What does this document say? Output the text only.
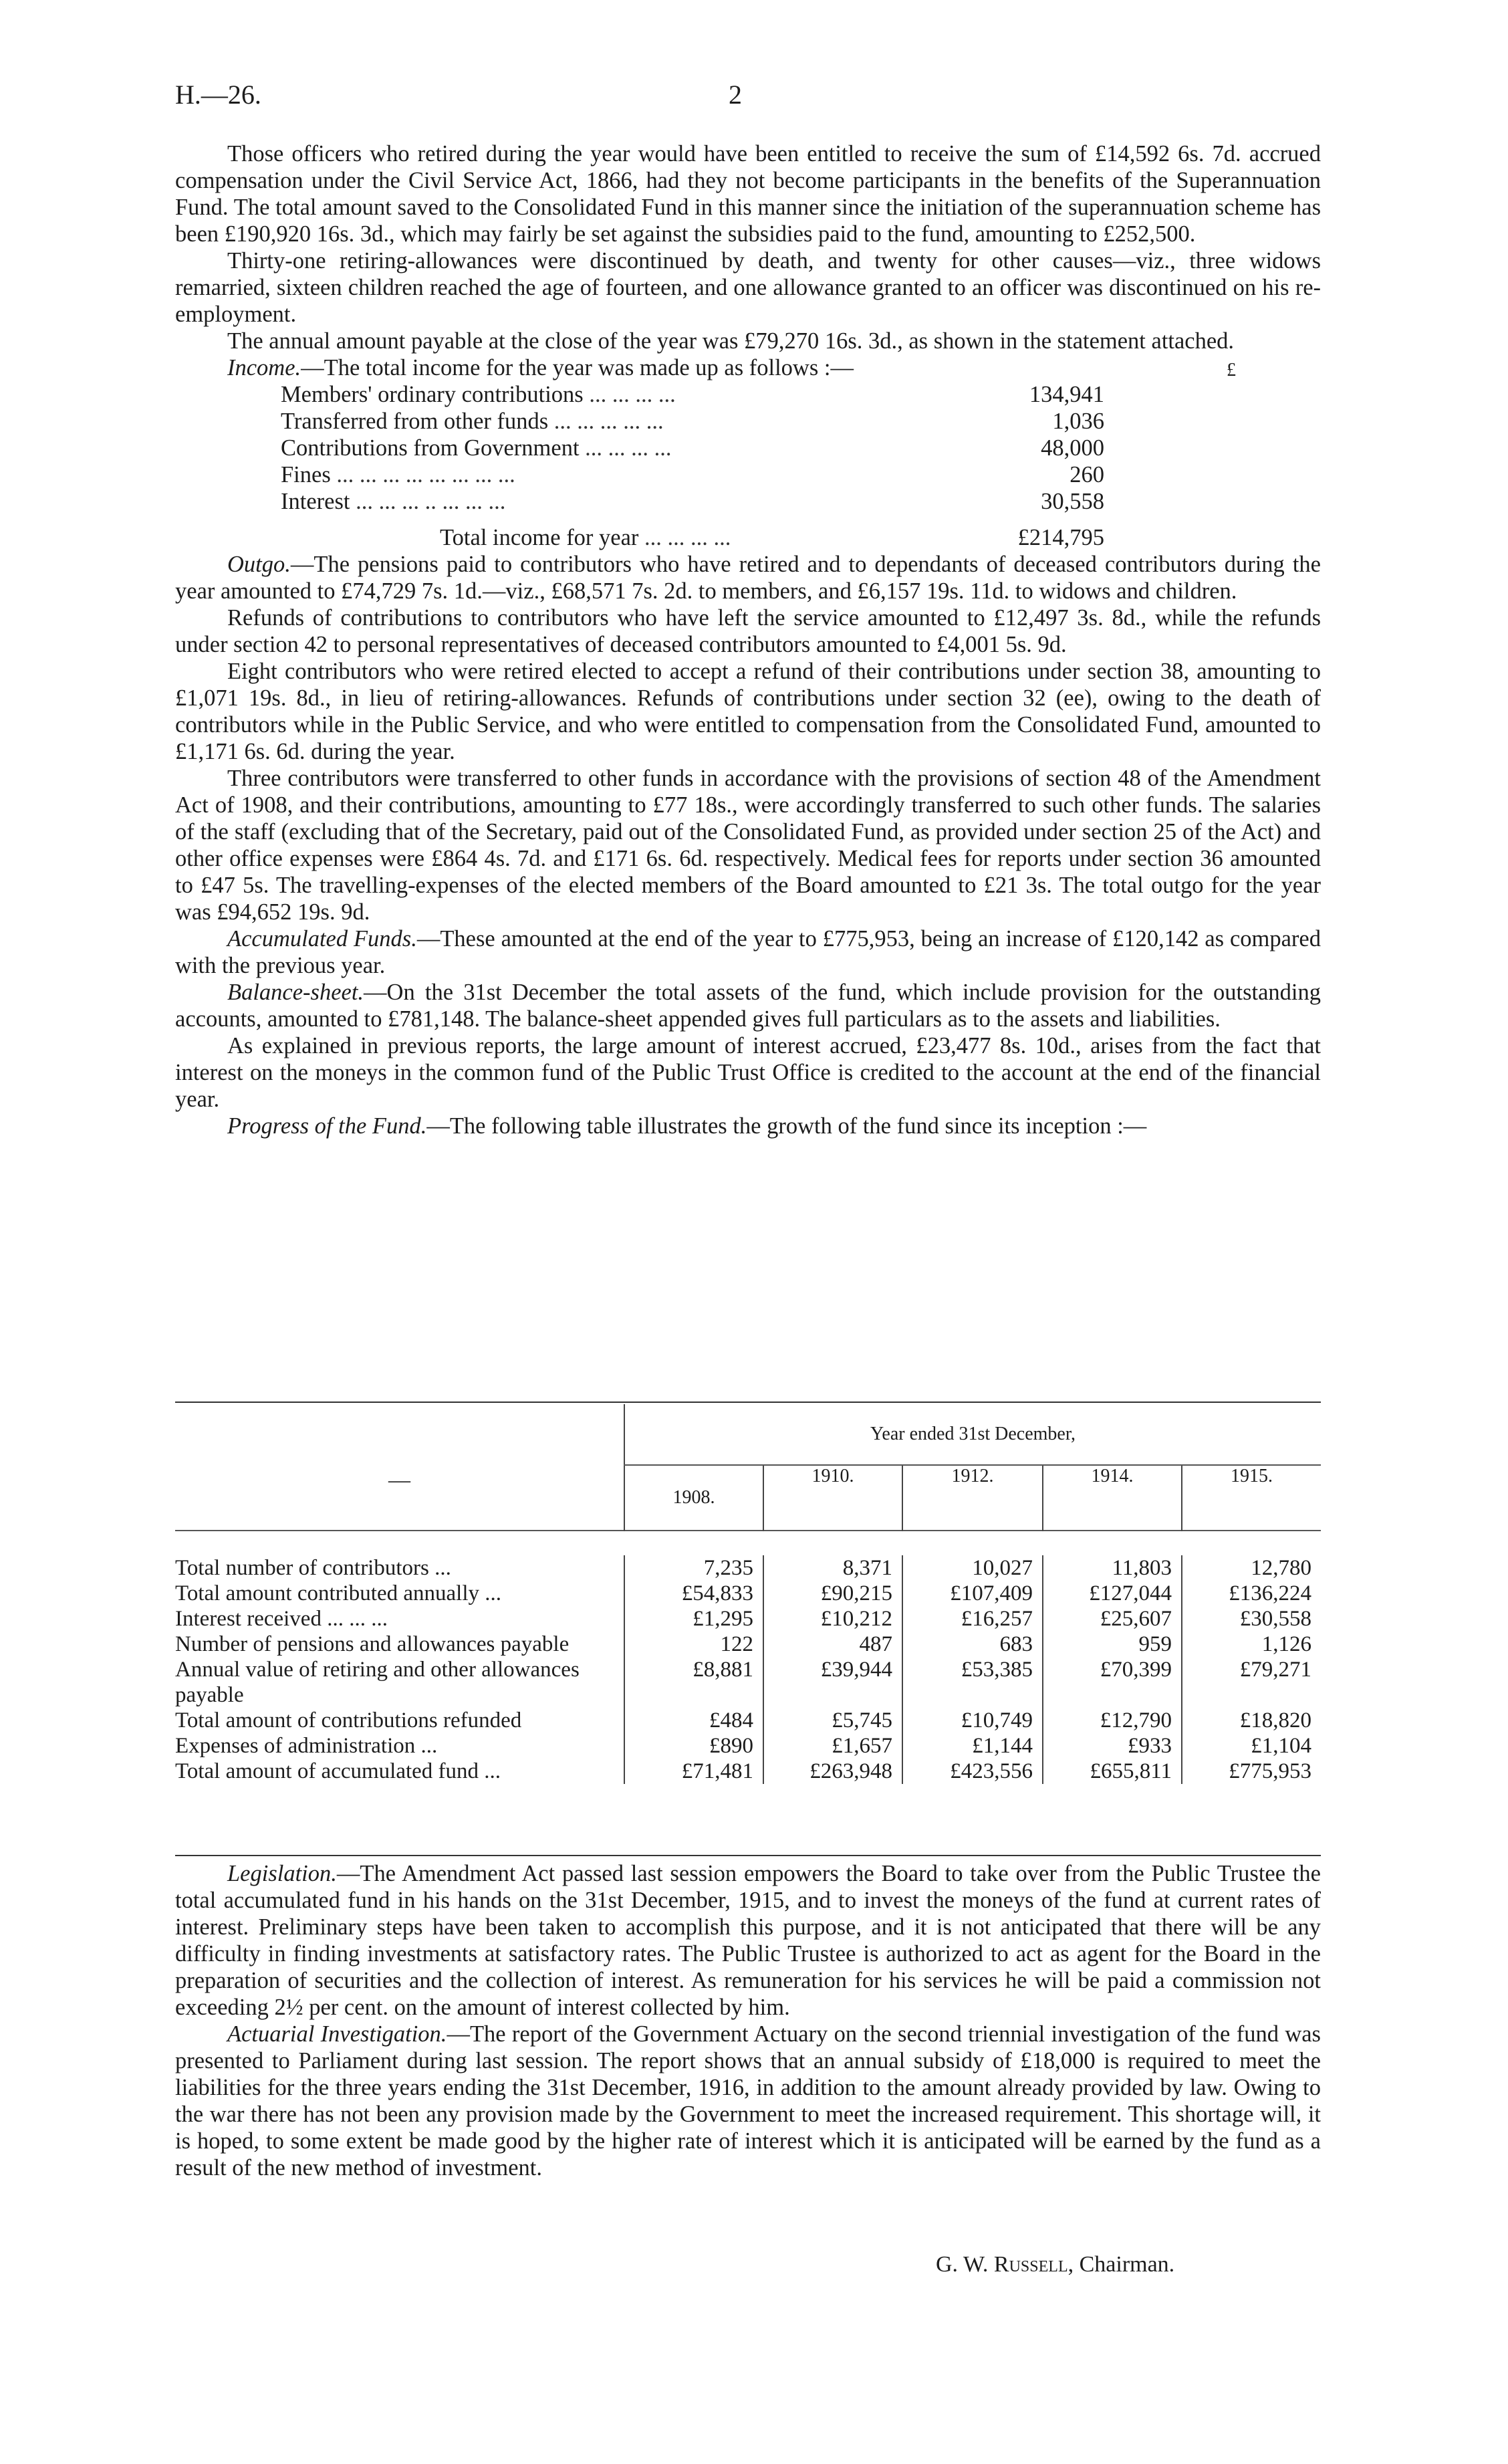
H.—26.	2

Those officers who retired during the year would have been entitled to receive the sum of £14,592 6s. 7d. accrued compensation under the Civil Service Act, 1866, had they not become participants in the benefits of the Superannuation Fund. The total amount saved to the Consolidated Fund in this manner since the initiation of the superannuation scheme has been £190,920 16s. 3d., which may fairly be set against the subsidies paid to the fund, amounting to £252,500.

Thirty-one retiring-allowances were discontinued by death, and twenty for other causes—viz., three widows remarried, sixteen children reached the age of fourteen, and one allowance granted to an officer was discontinued on his re-employment.

The annual amount payable at the close of the year was £79,270 16s. 3d., as shown in the statement attached.

Income.—The total income for the year was made up as follows :—	£

Members' ordinary contributions ... ... ... ...	134,941
Transferred from other funds ... ... ... ... ...	1,036
Contributions from Government ... ... ... ...	48,000
Fines ... ... ... ... ... ... ... ...	260
Interest ... ... ... .. ... ... ...	30,558
Total income for year ... ... ... ...	£214,795

Outgo.—The pensions paid to contributors who have retired and to dependants of deceased contributors during the year amounted to £74,729 7s. 1d.—viz., £68,571 7s. 2d. to members, and £6,157 19s. 11d. to widows and children.

Refunds of contributions to contributors who have left the service amounted to £12,497 3s. 8d., while the refunds under section 42 to personal representatives of deceased contributors amounted to £4,001 5s. 9d.

Eight contributors who were retired elected to accept a refund of their contributions under section 38, amounting to £1,071 19s. 8d., in lieu of retiring-allowances. Refunds of contributions under section 32 (ee), owing to the death of contributors while in the Public Service, and who were entitled to compensation from the Consolidated Fund, amounted to £1,171 6s. 6d. during the year.

Three contributors were transferred to other funds in accordance with the provisions of section 48 of the Amendment Act of 1908, and their contributions, amounting to £77 18s., were accordingly transferred to such other funds. The salaries of the staff (excluding that of the Secretary, paid out of the Consolidated Fund, as provided under section 25 of the Act) and other office expenses were £864 4s. 7d. and £171 6s. 6d. respectively. Medical fees for reports under section 36 amounted to £47 5s. The travelling-expenses of the elected members of the Board amounted to £21 3s. The total outgo for the year was £94,652 19s. 9d.

Accumulated Funds.—These amounted at the end of the year to £775,953, being an increase of £120,142 as compared with the previous year.

Balance-sheet.—On the 31st December the total assets of the fund, which include provision for the outstanding accounts, amounted to £781,148. The balance-sheet appended gives full particulars as to the assets and liabilities.

As explained in previous reports, the large amount of interest accrued, £23,477 8s. 10d., arises from the fact that interest on the moneys in the common fund of the Public Trust Office is credited to the account at the end of the financial year.

Progress of the Fund.—The following table illustrates the growth of the fund since its inception :—

—	Year ended 31st December,				
	1908.	1910.	1912.	1914.	1915.

Total number of contributors ...	7,235	8,371	10,027	11,803	12,780
Total amount contributed annually ...	£54,833	£90,215	£107,409	£127,044	£136,224
Interest received ... ... ...	£1,295	£10,212	£16,257	£25,607	£30,558
Number of pensions and allowances payable	122	487	683	959	1,126
Annual value of retiring and other allowances payable	£8,881	£39,944	£53,385	£70,399	£79,271
Total amount of contributions refunded	£484	£5,745	£10,749	£12,790	£18,820
Expenses of administration ...	£890	£1,657	£1,144	£933	£1,104
Total amount of accumulated fund ...	£71,481	£263,948	£423,556	£655,811	£775,953

Legislation.—The Amendment Act passed last session empowers the Board to take over from the Public Trustee the total accumulated fund in his hands on the 31st December, 1915, and to invest the moneys of the fund at current rates of interest. Preliminary steps have been taken to accomplish this purpose, and it is not anticipated that there will be any difficulty in finding investments at satisfactory rates. The Public Trustee is authorized to act as agent for the Board in the preparation of securities and the collection of interest. As remuneration for his services he will be paid a commission not exceeding 2½ per cent. on the amount of interest collected by him.

Actuarial Investigation.—The report of the Government Actuary on the second triennial investigation of the fund was presented to Parliament during last session. The report shows that an annual subsidy of £18,000 is required to meet the liabilities for the three years ending the 31st December, 1916, in addition to the amount already provided by law. Owing to the war there has not been any provision made by the Government to meet the increased requirement. This shortage will, it is hoped, to some extent be made good by the higher rate of interest which it is anticipated will be earned by the fund as a result of the new method of investment.

G. W. Russell, Chairman.
